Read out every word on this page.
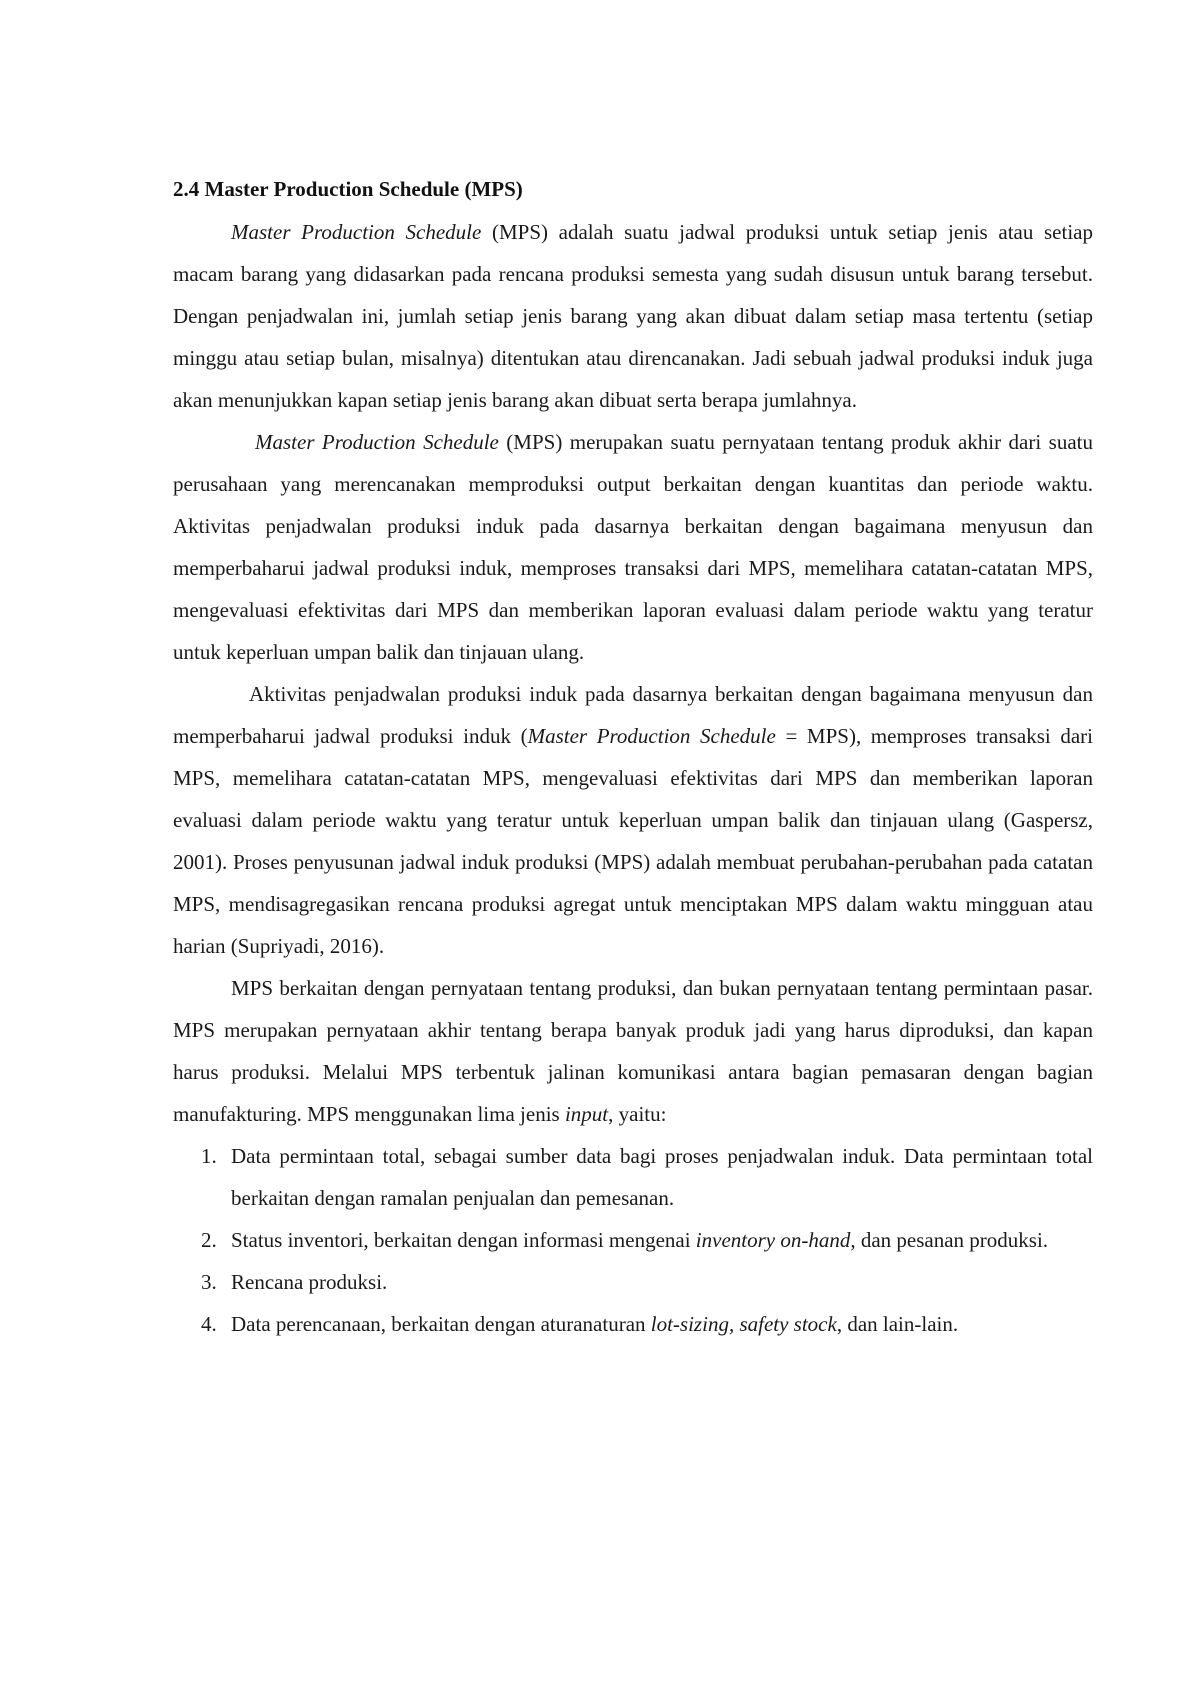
2.4 Master Production Schedule (MPS)

Master Production Schedule (MPS) adalah suatu jadwal produksi untuk setiap jenis atau setiap macam barang yang didasarkan pada rencana produksi semesta yang sudah disusun untuk barang tersebut. Dengan penjadwalan ini, jumlah setiap jenis barang yang akan dibuat dalam setiap masa tertentu (setiap minggu atau setiap bulan, misalnya) ditentukan atau direncanakan. Jadi sebuah jadwal produksi induk juga akan menunjukkan kapan setiap jenis barang akan dibuat serta berapa jumlahnya.

Master Production Schedule (MPS) merupakan suatu pernyataan tentang produk akhir dari suatu perusahaan yang merencanakan memproduksi output berkaitan dengan kuantitas dan periode waktu. Aktivitas penjadwalan produksi induk pada dasarnya berkaitan dengan bagaimana menyusun dan memperbaharui jadwal produksi induk, memproses transaksi dari MPS, memelihara catatan-catatan MPS, mengevaluasi efektivitas dari MPS dan memberikan laporan evaluasi dalam periode waktu yang teratur untuk keperluan umpan balik dan tinjauan ulang.

Aktivitas penjadwalan produksi induk pada dasarnya berkaitan dengan bagaimana menyusun dan memperbaharui jadwal produksi induk (Master Production Schedule = MPS), memproses transaksi dari MPS, memelihara catatan-catatan MPS, mengevaluasi efektivitas dari MPS dan memberikan laporan evaluasi dalam periode waktu yang teratur untuk keperluan umpan balik dan tinjauan ulang (Gaspersz, 2001). Proses penyusunan jadwal induk produksi (MPS) adalah membuat perubahan-perubahan pada catatan MPS, mendisagregasikan rencana produksi agregat untuk menciptakan MPS dalam waktu mingguan atau harian (Supriyadi, 2016).

MPS berkaitan dengan pernyataan tentang produksi, dan bukan pernyataan tentang permintaan pasar. MPS merupakan pernyataan akhir tentang berapa banyak produk jadi yang harus diproduksi, dan kapan harus produksi. Melalui MPS terbentuk jalinan komunikasi antara bagian pemasaran dengan bagian manufakturing. MPS menggunakan lima jenis input, yaitu:

1. Data permintaan total, sebagai sumber data bagi proses penjadwalan induk. Data permintaan total berkaitan dengan ramalan penjualan dan pemesanan.
2. Status inventori, berkaitan dengan informasi mengenai inventory on-hand, dan pesanan produksi.
3. Rencana produksi.
4. Data perencanaan, berkaitan dengan aturanaturan lot-sizing, safety stock, dan lain-lain.
